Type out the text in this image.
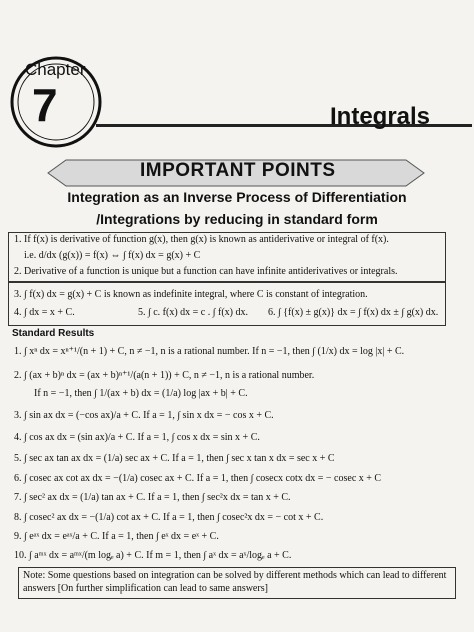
Chapter
7	Integrals
IMPORTANT POINTS
Integration as an Inverse Process of Differentiation
/Integrations by reducing in standard form
1. If f(x) is derivative of function g(x), then g(x) is known as antiderivative or integral of f(x).
i.e. d/dx (g(x)) = f(x) ⇔ ∫ f(x) dx = g(x) + C
2. Derivative of a function is unique but a function can have infinite antiderivatives or integrals.
3. ∫ f(x) dx = g(x) + C is known as indefinite integral, where C is constant of integration.
4. ∫ dx = x + C.	5. ∫ c. f(x) dx = c . ∫ f(x) dx. 6. ∫ {f(x) ± g(x)} dx = ∫ f(x) dx ± ∫ g(x) dx.
Standard Results
1. ∫ xⁿ dx = xⁿ⁺¹/(n + 1) + C, n ≠ −1, n is a rational number. If n = −1, then ∫ (1/x) dx = log |x| + C.
2. ∫ (ax + b)ⁿ dx = (ax + b)ⁿ⁺¹/(a(n + 1)) + C, n ≠ −1, n is a rational number.
If n = −1, then ∫ 1/(ax + b) dx = (1/a) log |ax + b| + C.
3. ∫ sin ax dx = (−cos ax)/a + C. If a = 1, ∫ sin x dx = − cos x + C.
4. ∫ cos ax dx = (sin ax)/a + C. If a = 1, ∫ cos x dx = sin x + C.
5. ∫ sec ax tan ax dx = (1/a) sec ax + C. If a = 1, then ∫ sec x tan x dx = sec x + C
6. ∫ cosec ax cot ax dx = −(1/a) cosec ax + C. If a = 1, then ∫ cosecx cotx dx = − cosec x + C
7. ∫ sec² ax dx = (1/a) tan ax + C. If a = 1, then ∫ sec²x dx = tan x + C.
8. ∫ cosec² ax dx = −(1/a) cot ax + C. If a = 1, then ∫ cosec²x dx = − cot x + C.
9. ∫ eᵃˣ dx = eᵃˣ/a + C. If a = 1, then ∫ eˣ dx = eˣ + C.
10. ∫ aᵐˣ dx = aᵐˣ/(m logₑ a) + C. If m = 1, then ∫ aˣ dx = aˣ/logₑ a + C.
Note: Some questions based on integration can be solved by different methods which can lead to different answers [On further simplification can lead to same answers]
